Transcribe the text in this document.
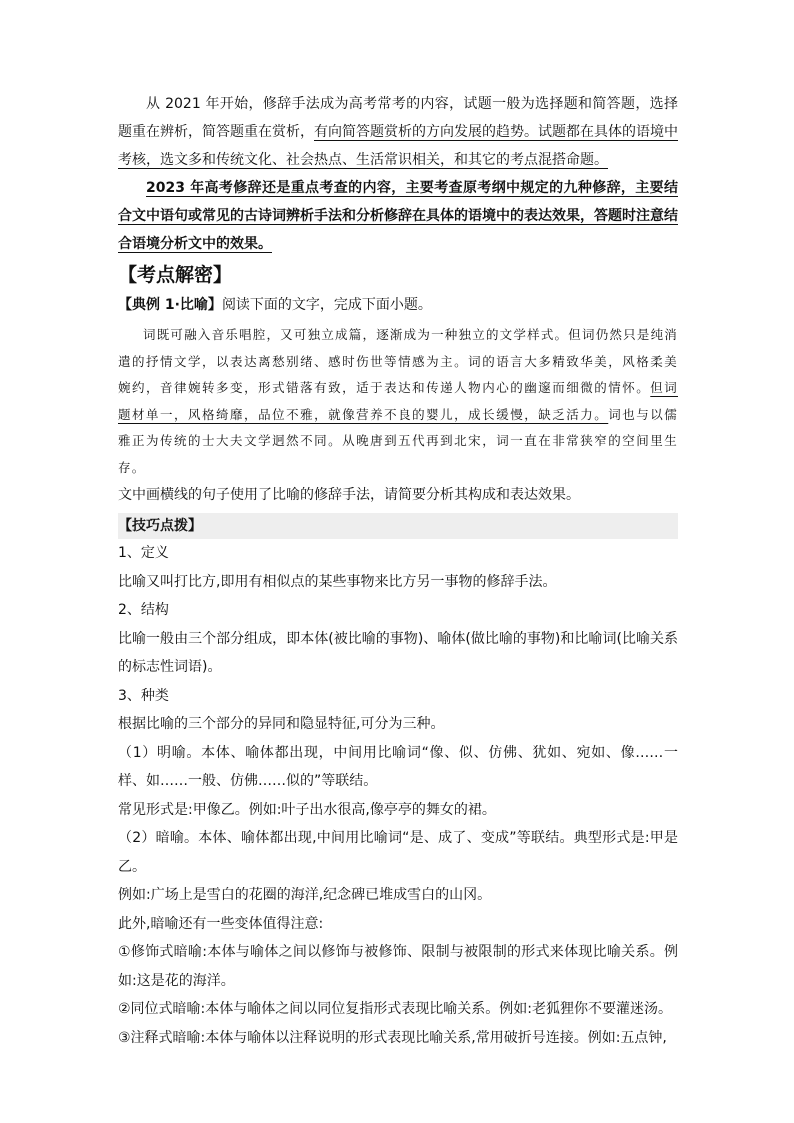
从 2021 年开始，修辞手法成为高考常考的内容，试题一般为选择题和简答题，选择题重在辨析，简答题重在赏析，有向简答题赏析的方向发展的趋势。试题都在具体的语境中考核，选文多和传统文化、社会热点、生活常识相关，和其它的考点混搭命题。

2023 年高考修辞还是重点考查的内容，主要考查原考纲中规定的九种修辞，主要结合文中语句或常见的古诗词辨析手法和分析修辞在具体的语境中的表达效果，答题时注意结合语境分析文中的效果。

【考点解密】

【典例 1·比喻】阅读下面的文字，完成下面小题。

词既可融入音乐唱腔，又可独立成篇，逐渐成为一种独立的文学样式。但词仍然只是纯消遣的抒情文学，以表达离愁别绪、感时伤世等情感为主。词的语言大多精致华美，风格柔美婉约，音律婉转多变，形式错落有致，适于表达和传递人物内心的幽邃而细微的情怀。但词题材单一，风格绮靡，品位不雅，就像营养不良的婴儿，成长缓慢，缺乏活力。词也与以儒雅正为传统的士大夫文学迥然不同。从晚唐到五代再到北宋，词一直在非常狭窄的空间里生存。

文中画横线的句子使用了比喻的修辞手法，请简要分析其构成和表达效果。

【技巧点拨】

1、定义

比喻又叫打比方,即用有相似点的某些事物来比方另一事物的修辞手法。

2、结构

比喻一般由三个部分组成，即本体(被比喻的事物)、喻体(做比喻的事物)和比喻词(比喻关系的标志性词语)。

3、种类

根据比喻的三个部分的异同和隐显特征,可分为三种。

（1）明喻。本体、喻体都出现，中间用比喻词“像、似、仿佛、犹如、宛如、像……一样、如……一般、仿佛……似的”等联结。

常见形式是:甲像乙。例如:叶子出水很高,像亭亭的舞女的裙。

（2）暗喻。本体、喻体都出现,中间用比喻词“是、成了、变成”等联结。典型形式是:甲是乙。

例如:广场上是雪白的花圈的海洋,纪念碑已堆成雪白的山冈。

此外,暗喻还有一些变体值得注意:

①修饰式暗喻:本体与喻体之间以修饰与被修饰、限制与被限制的形式来体现比喻关系。例如:这是花的海洋。

②同位式暗喻:本体与喻体之间以同位复指形式表现比喻关系。例如:老狐狸你不要灌迷汤。

③注释式暗喻:本体与喻体以注释说明的形式表现比喻关系,常用破折号连接。例如:五点钟,
